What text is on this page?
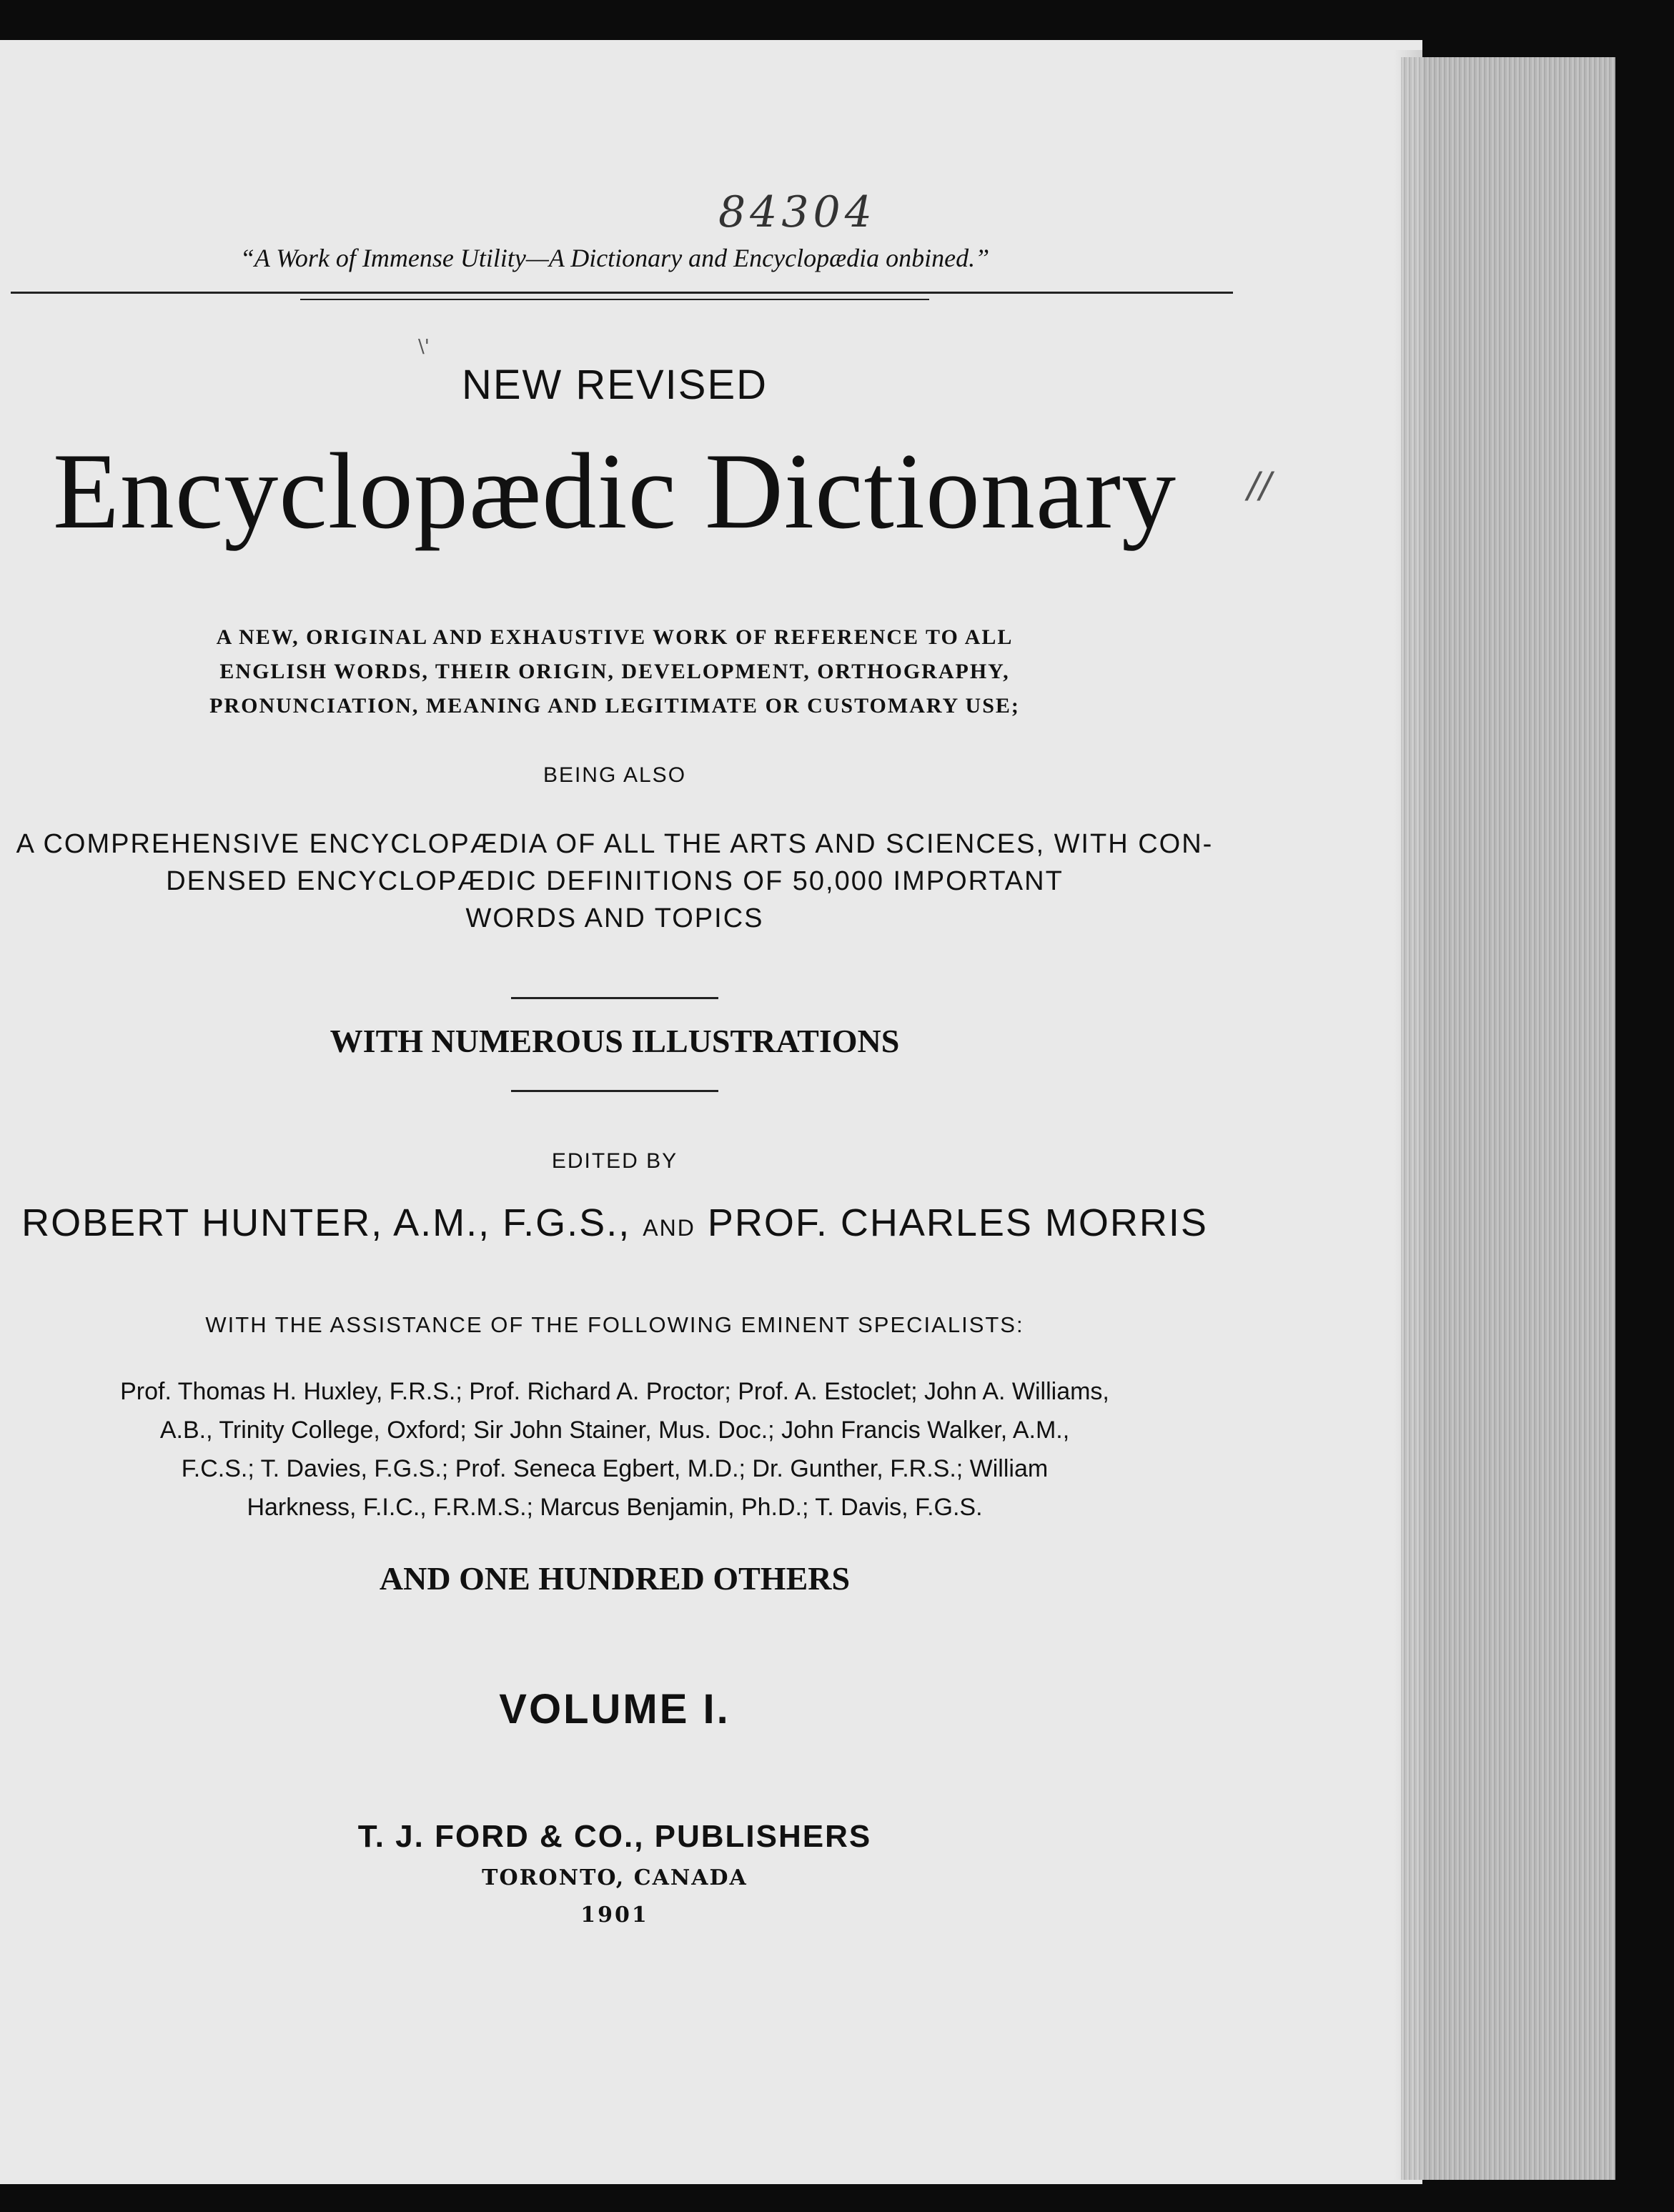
84304
“A Work of Immense Utility—A Dictionary and Encyclopædia onbined.”
NEW REVISED
Encyclopædic Dictionary
A NEW, ORIGINAL AND EXHAUSTIVE WORK OF REFERENCE TO ALL
ENGLISH WORDS, THEIR ORIGIN, DEVELOPMENT, ORTHOGRAPHY,
PRONUNCIATION, MEANING AND LEGITIMATE OR CUSTOMARY USE;
BEING ALSO
A COMPREHENSIVE ENCYCLOPÆDIA OF ALL THE ARTS AND SCIENCES, WITH CON-
DENSED ENCYCLOPÆDIC DEFINITIONS OF 50,000 IMPORTANT
WORDS AND TOPICS
WITH NUMEROUS ILLUSTRATIONS
EDITED BY
ROBERT HUNTER, A.M., F.G.S., AND PROF. CHARLES MORRIS
WITH THE ASSISTANCE OF THE FOLLOWING EMINENT SPECIALISTS:
Prof. Thomas H. Huxley, F.R.S.; Prof. Richard A. Proctor; Prof. A. Estoclet; John A. Williams,
A.B., Trinity College, Oxford; Sir John Stainer, Mus. Doc.; John Francis Walker, A.M.,
F.C.S.; T. Davies, F.G.S.; Prof. Seneca Egbert, M.D.; Dr. Gunther, F.R.S.; William
Harkness, F.I.C., F.R.M.S.; Marcus Benjamin, Ph.D.; T. Davis, F.G.S.
AND ONE HUNDRED OTHERS
VOLUME I.
T. J. FORD & CO., PUBLISHERS
TORONTO, CANADA
1901
\'
//
